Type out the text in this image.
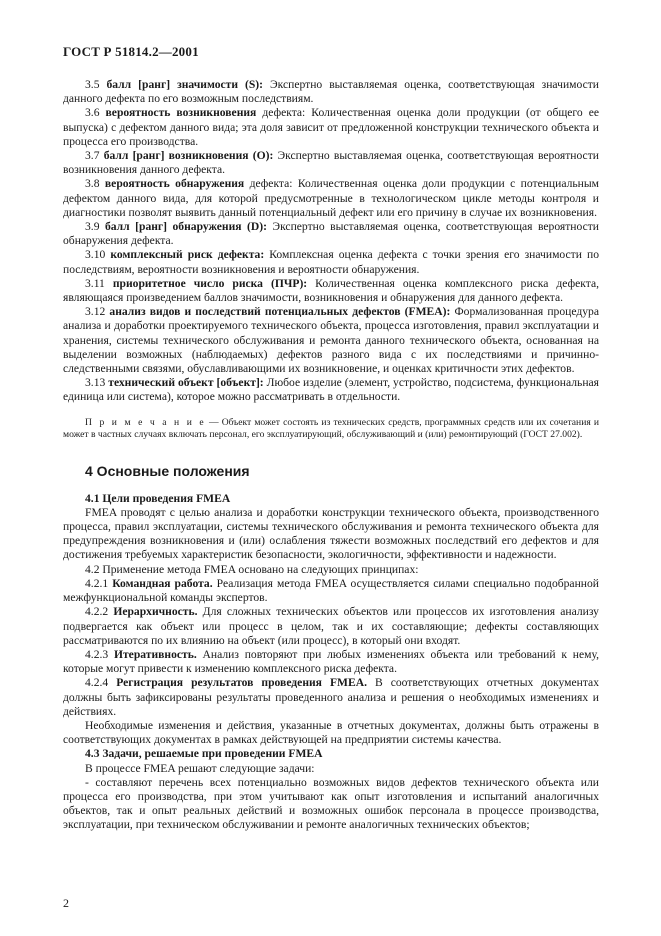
ГОСТ Р 51814.2—2001

3.5 балл [ранг] значимости (S): Экспертно выставляемая оценка, соответствующая значимости данного дефекта по его возможным последствиям.

3.6 вероятность возникновения дефекта: Количественная оценка доли продукции (от общего ее выпуска) с дефектом данного вида; эта доля зависит от предложенной конструкции технического объекта и процесса его производства.

3.7 балл [ранг] возникновения (О): Экспертно выставляемая оценка, соответствующая вероятности возникновения данного дефекта.

3.8 вероятность обнаружения дефекта: Количественная оценка доли продукции с потенциальным дефектом данного вида, для которой предусмотренные в технологическом цикле методы контроля и диагностики позволят выявить данный потенциальный дефект или его причину в случае их возникновения.

3.9 балл [ранг] обнаружения (D): Экспертно выставляемая оценка, соответствующая вероятности обнаружения дефекта.

3.10 комплексный риск дефекта: Комплексная оценка дефекта с точки зрения его значимости по последствиям, вероятности возникновения и вероятности обнаружения.

3.11 приоритетное число риска (ПЧР): Количественная оценка комплексного риска дефекта, являющаяся произведением баллов значимости, возникновения и обнаружения для данного дефекта.

3.12 анализ видов и последствий потенциальных дефектов (FMEA): Формализованная процедура анализа и доработки проектируемого технического объекта, процесса изготовления, правил эксплуатации и хранения, системы технического обслуживания и ремонта данного технического объекта, основанная на выделении возможных (наблюдаемых) дефектов разного вида с их последствиями и причинно-следственными связями, обуславливающими их возникновение, и оценках критичности этих дефектов.

3.13 технический объект [объект]: Любое изделие (элемент, устройство, подсистема, функциональная единица или система), которое можно рассматривать в отдельности.

П р и м е ч а н и е — Объект может состоять из технических средств, программных средств или их сочетания и может в частных случаях включать персонал, его эксплуатирующий, обслуживающий и (или) ремонтирующий (ГОСТ 27.002).

4 Основные положения

4.1 Цели проведения FMEA

FMEA проводят с целью анализа и доработки конструкции технического объекта, производственного процесса, правил эксплуатации, системы технического обслуживания и ремонта технического объекта для предупреждения возникновения и (или) ослабления тяжести возможных последствий его дефектов и для достижения требуемых характеристик безопасности, экологичности, эффективности и надежности.

4.2 Применение метода FMEA основано на следующих принципах:

4.2.1 Командная работа. Реализация метода FMEA осуществляется силами специально подобранной межфункциональной команды экспертов.

4.2.2 Иерархичность. Для сложных технических объектов или процессов их изготовления анализу подвергается как объект или процесс в целом, так и их составляющие; дефекты составляющих рассматриваются по их влиянию на объект (или процесс), в который они входят.

4.2.3 Итеративность. Анализ повторяют при любых изменениях объекта или требований к нему, которые могут привести к изменению комплексного риска дефекта.

4.2.4 Регистрация результатов проведения FMEA. В соответствующих отчетных документах должны быть зафиксированы результаты проведенного анализа и решения о необходимых изменениях и действиях.

Необходимые изменения и действия, указанные в отчетных документах, должны быть отражены в соответствующих документах в рамках действующей на предприятии системы качества.

4.3 Задачи, решаемые при проведении FMEA

В процессе FMEA решают следующие задачи:

- составляют перечень всех потенциально возможных видов дефектов технического объекта или процесса его производства, при этом учитывают как опыт изготовления и испытаний аналогичных объектов, так и опыт реальных действий и возможных ошибок персонала в процессе производства, эксплуатации, при техническом обслуживании и ремонте аналогичных технических объектов;

2
